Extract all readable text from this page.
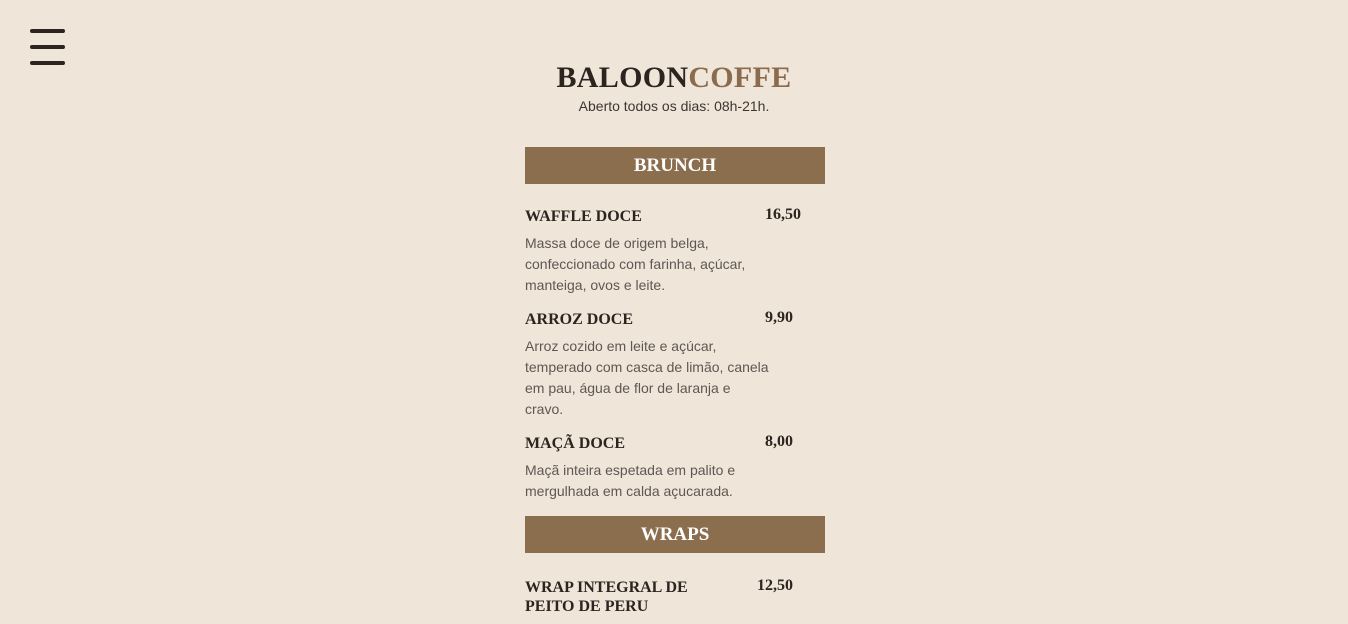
BALOONCOFFE
Aberto todos os dias: 08h-21h.
BRUNCH
WAFFLE DOCE	16,50
Massa doce de origem belga, confeccionado com farinha, açúcar, manteiga, ovos e leite.
ARROZ DOCE	9,90
Arroz cozido em leite e açúcar, temperado com casca de limão, canela em pau, água de flor de laranja e cravo.
MAÇÃ DOCE	8,00
Maçã inteira espetada em palito e mergulhada em calda açucarada.
WRAPS
WRAP INTEGRAL DE PEITO DE PERU
12,50
